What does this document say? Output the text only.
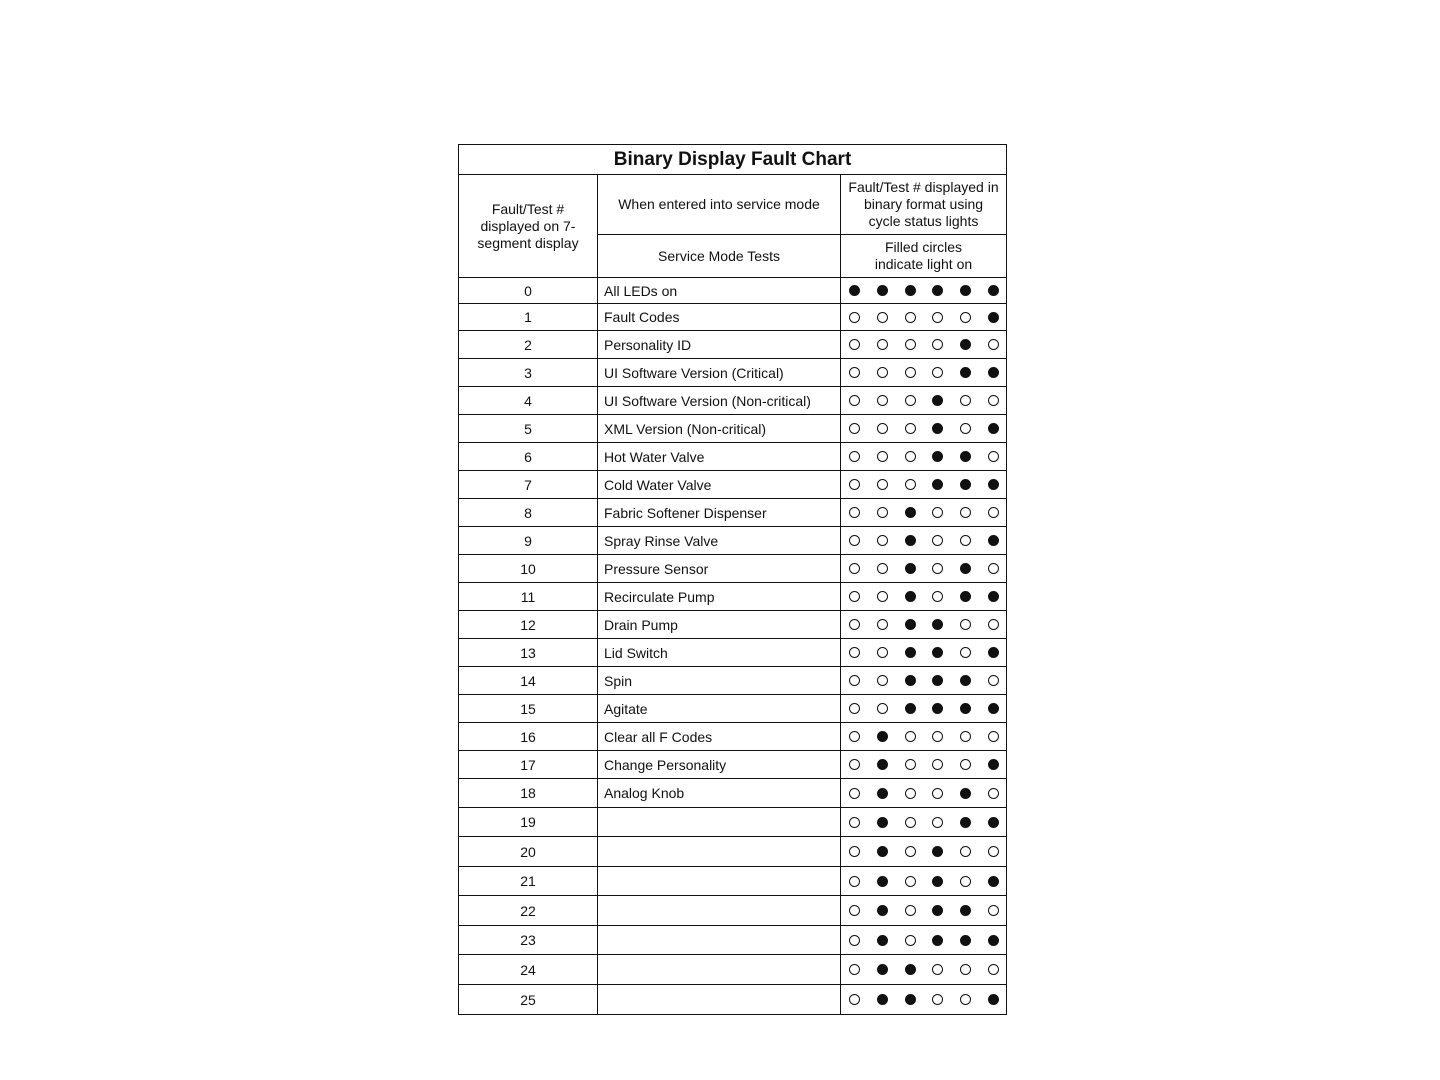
Binary Display Fault Chart		

Fault/Test # displayed on 7-segment display	When entered into service mode	Fault/Test # displayed in binary format using cycle status lights

	Service Mode Tests	Filled circles indicate light on

0	All LEDs on	

1	Fault Codes	

2	Personality ID	

3	UI Software Version (Critical)	

4	UI Software Version (Non-critical)	

5	XML Version (Non-critical)	

6	Hot Water Valve	

7	Cold Water Valve	

8	Fabric Softener Dispenser	

9	Spray Rinse Valve	

10	Pressure Sensor	

11	Recirculate Pump	

12	Drain Pump	

13	Lid Switch	

14	Spin	

15	Agitate	

16	Clear all F Codes	

17	Change Personality	

18	Analog Knob	

19		

20		

21		

22		

23		

24		

25		
